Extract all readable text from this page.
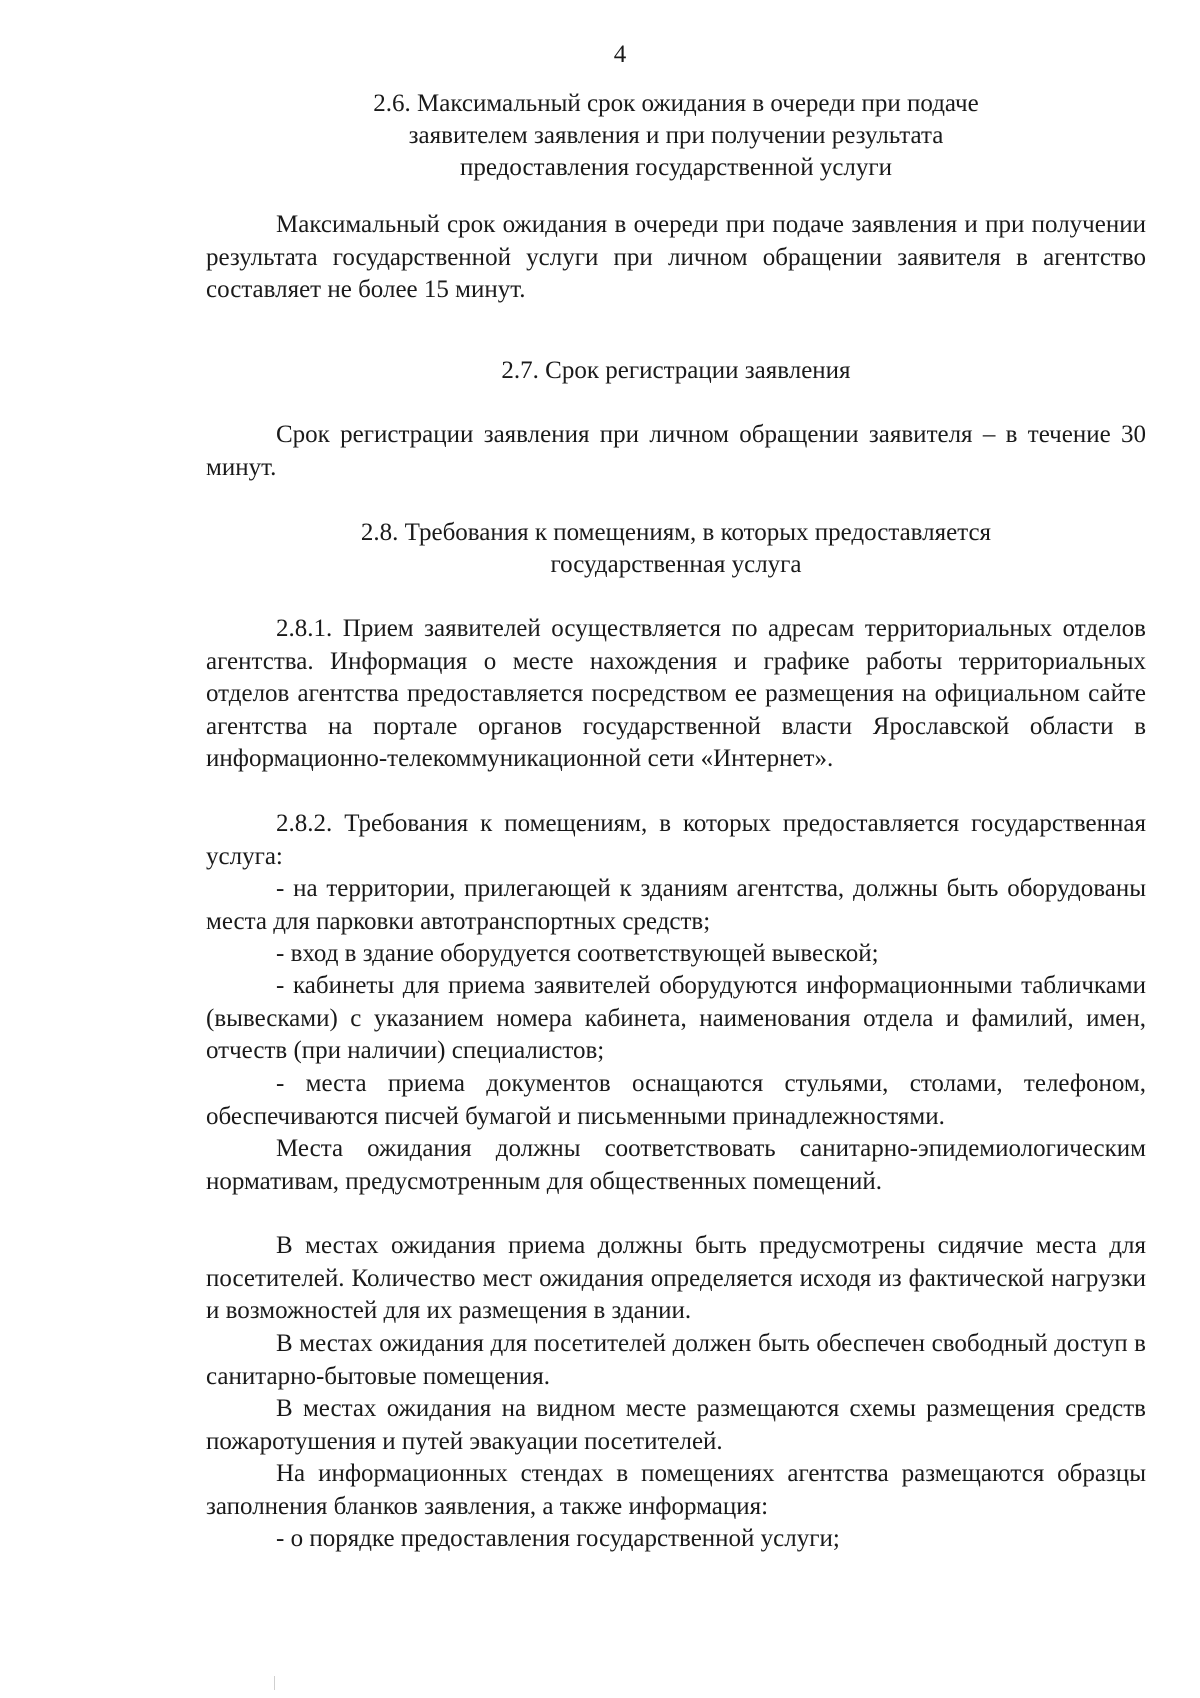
4
2.6. Максимальный срок ожидания в очереди при подаче
заявителем заявления и при получении результата
предоставления государственной услуги

Максимальный срок ожидания в очереди при подаче заявления и при получении результата государственной услуги при личном обращении заявителя в агентство составляет не более 15 минут.

2.7. Срок регистрации заявления

Срок регистрации заявления при личном обращении заявителя – в течение 30 минут.

2.8. Требования к помещениям, в которых предоставляется
государственная услуга

2.8.1. Прием заявителей осуществляется по адресам территориальных отделов агентства. Информация о месте нахождения и графике работы территориальных отделов агентства предоставляется посредством ее размещения на официальном сайте агентства на портале органов государственной власти Ярославской области в информационно-телекоммуникационной сети «Интернет».

2.8.2. Требования к помещениям, в которых предоставляется государственная услуга:

- на территории, прилегающей к зданиям агентства, должны быть оборудованы места для парковки автотранспортных средств;

- вход в здание оборудуется соответствующей вывеской;

- кабинеты для приема заявителей оборудуются информационными табличками (вывесками) с указанием номера кабинета, наименования отдела и фамилий, имен, отчеств (при наличии) специалистов;

- места приема документов оснащаются стульями, столами, телефоном, обеспечиваются писчей бумагой и письменными принадлежностями.

Места ожидания должны соответствовать санитарно-эпидемиологическим нормативам, предусмотренным для общественных помещений.

В местах ожидания приема должны быть предусмотрены сидячие места для посетителей. Количество мест ожидания определяется исходя из фактической нагрузки и возможностей для их размещения в здании.

В местах ожидания для посетителей должен быть обеспечен свободный доступ в санитарно-бытовые помещения.

В местах ожидания на видном месте размещаются схемы размещения средств пожаротушения и путей эвакуации посетителей.

На информационных стендах в помещениях агентства размещаются образцы заполнения бланков заявления, а также информация:

- о порядке предоставления государственной услуги;
